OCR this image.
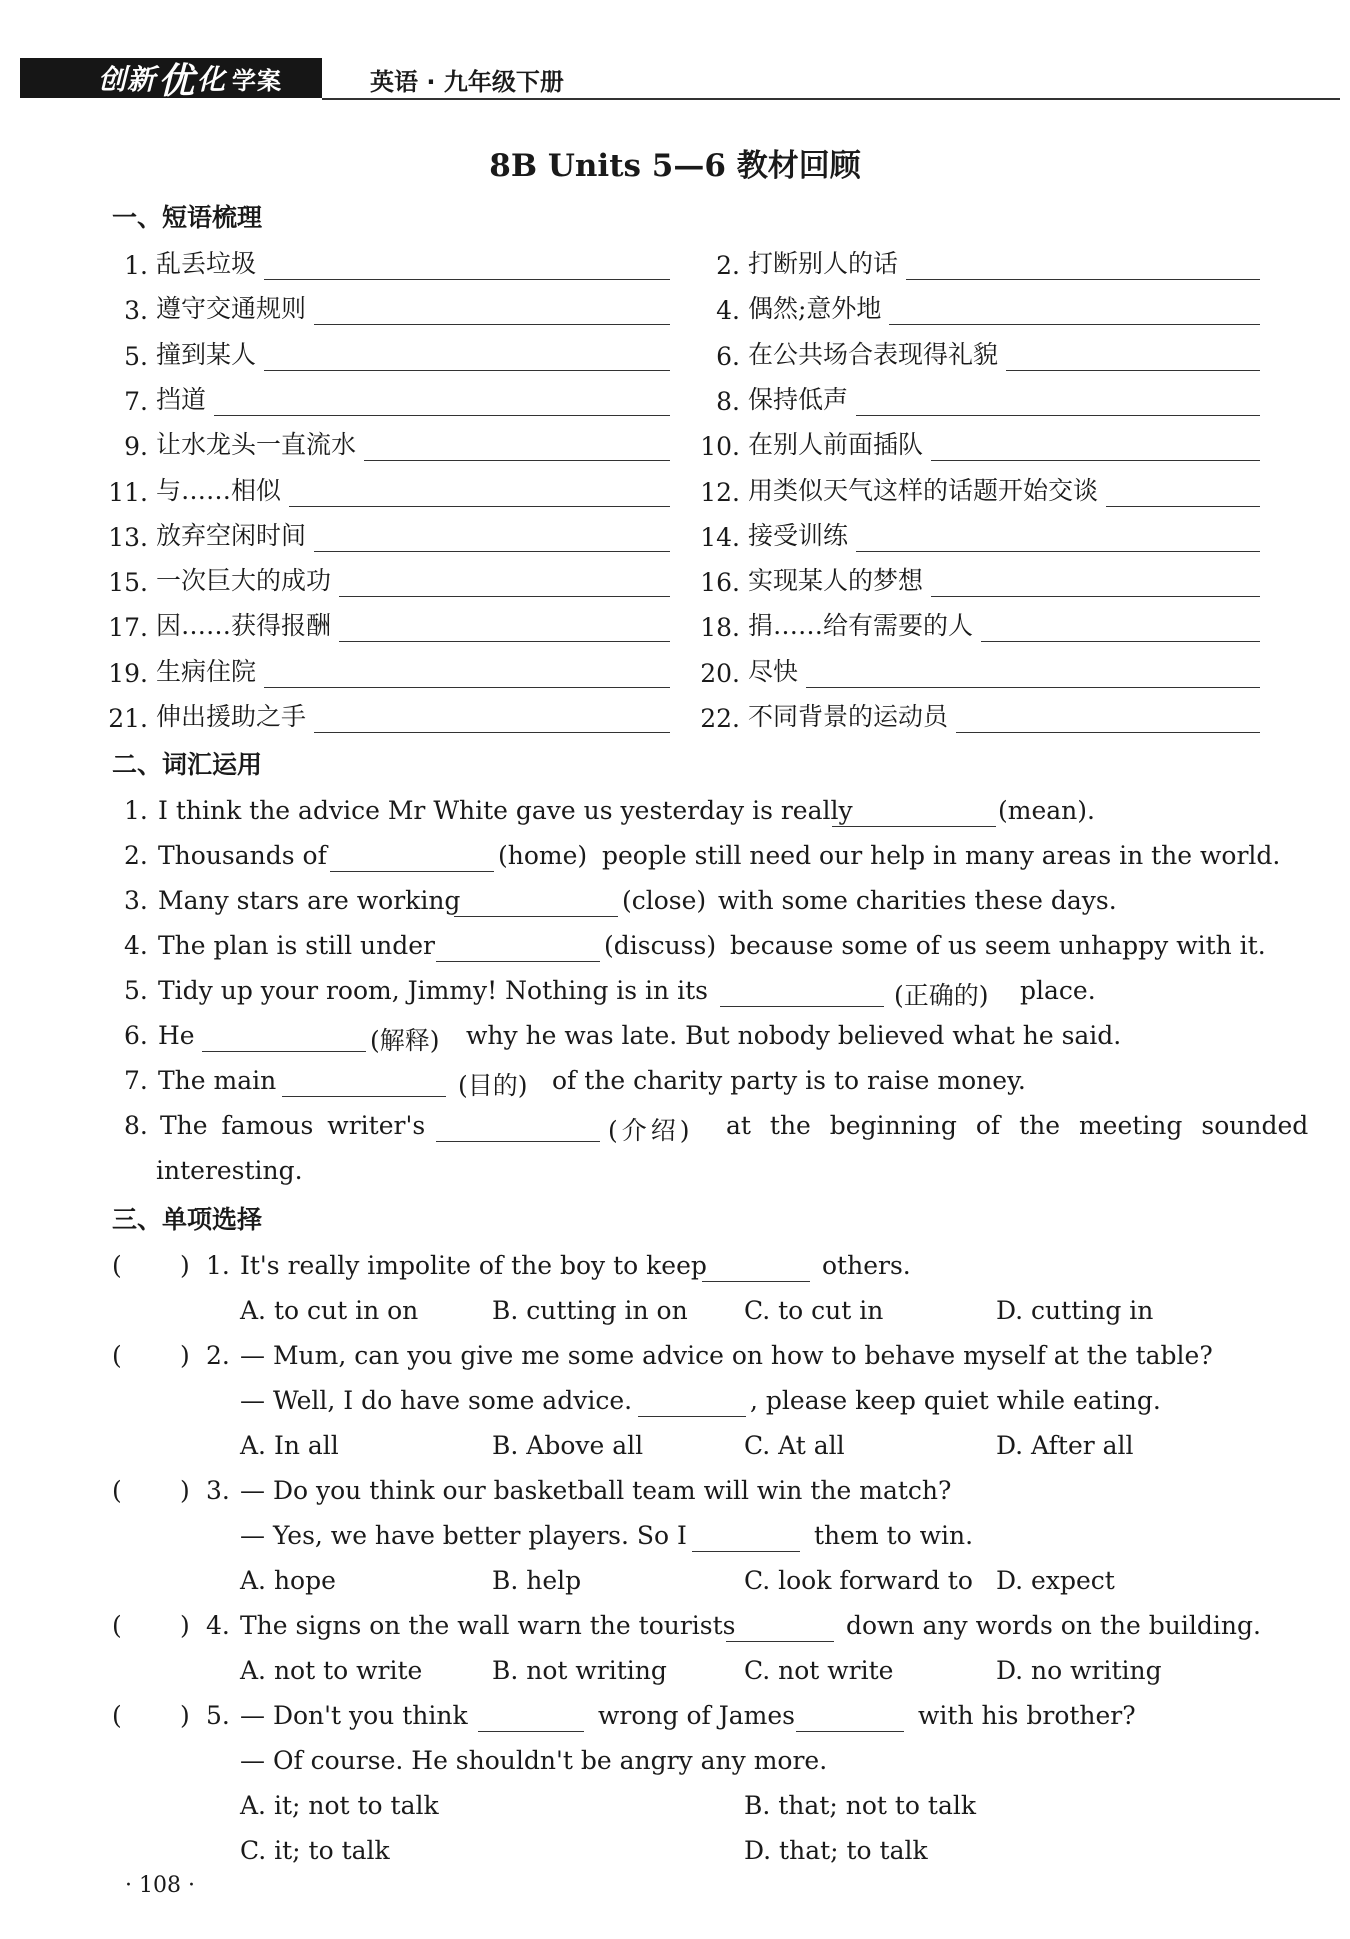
创新 优 化 学案	英语 · 九年级下册
8B Units 5—6 教材回顾
一、短语梳理
1. 乱丢垃圾	2. 打断别人的话
3. 遵守交通规则	4. 偶然;意外地
5. 撞到某人	6. 在公共场合表现得礼貌
7. 挡道	8. 保持低声
9. 让水龙头一直流水	10. 在别人前面插队
11. 与……相似	12. 用类似天气这样的话题开始交谈
13. 放弃空闲时间	14. 接受训练
15. 一次巨大的成功	16. 实现某人的梦想
17. 因……获得报酬	18. 捐……给有需要的人
19. 生病住院	20. 尽快
21. 伸出援助之手	22. 不同背景的运动员
二、词汇运用
1. I think the advice Mr White gave us yesterday is really	(mean).
2. Thousands of	(home) people still need our help in many areas in the world.
3. Many stars are working	(close) with some charities these days.
4. The plan is still under	(discuss) because some of us seem unhappy with it.
5. Tidy up your room, Jimmy! Nothing is in its	(正确的) place.
6. He	(解释) why he was late. But nobody believed what he said.
7. The main	(目的) of the charity party is to raise money.
8. The famous writer's	(介绍) at the beginning of the meeting sounded
interesting.
三、单项选择
( ) 1. It's really impolite of the boy to keep	others.
A. to cut in on	B. cutting in on C. to cut in	D. cutting in
( ) 2. — Mum, can you give me some advice on how to behave myself at the table?
— Well, I do have some advice.	, please keep quiet while eating.
A. In all	B. Above all	C. At all	D. After all
( ) 3. — Do you think our basketball team will win the match?
— Yes, we have better players. So I	them to win.
A. hope	B. help	C. look forward to D. expect
( ) 4. The signs on the wall warn the tourists	down any words on the building.
A. not to write	B. not writing	C. not write	D. no writing
( ) 5. — Don't you think	wrong of James	with his brother?
— Of course. He shouldn't be angry any more.
A. it; not to talk	B. that; not to talk
C. it; to talk	D. that; to talk
· 108 ·
